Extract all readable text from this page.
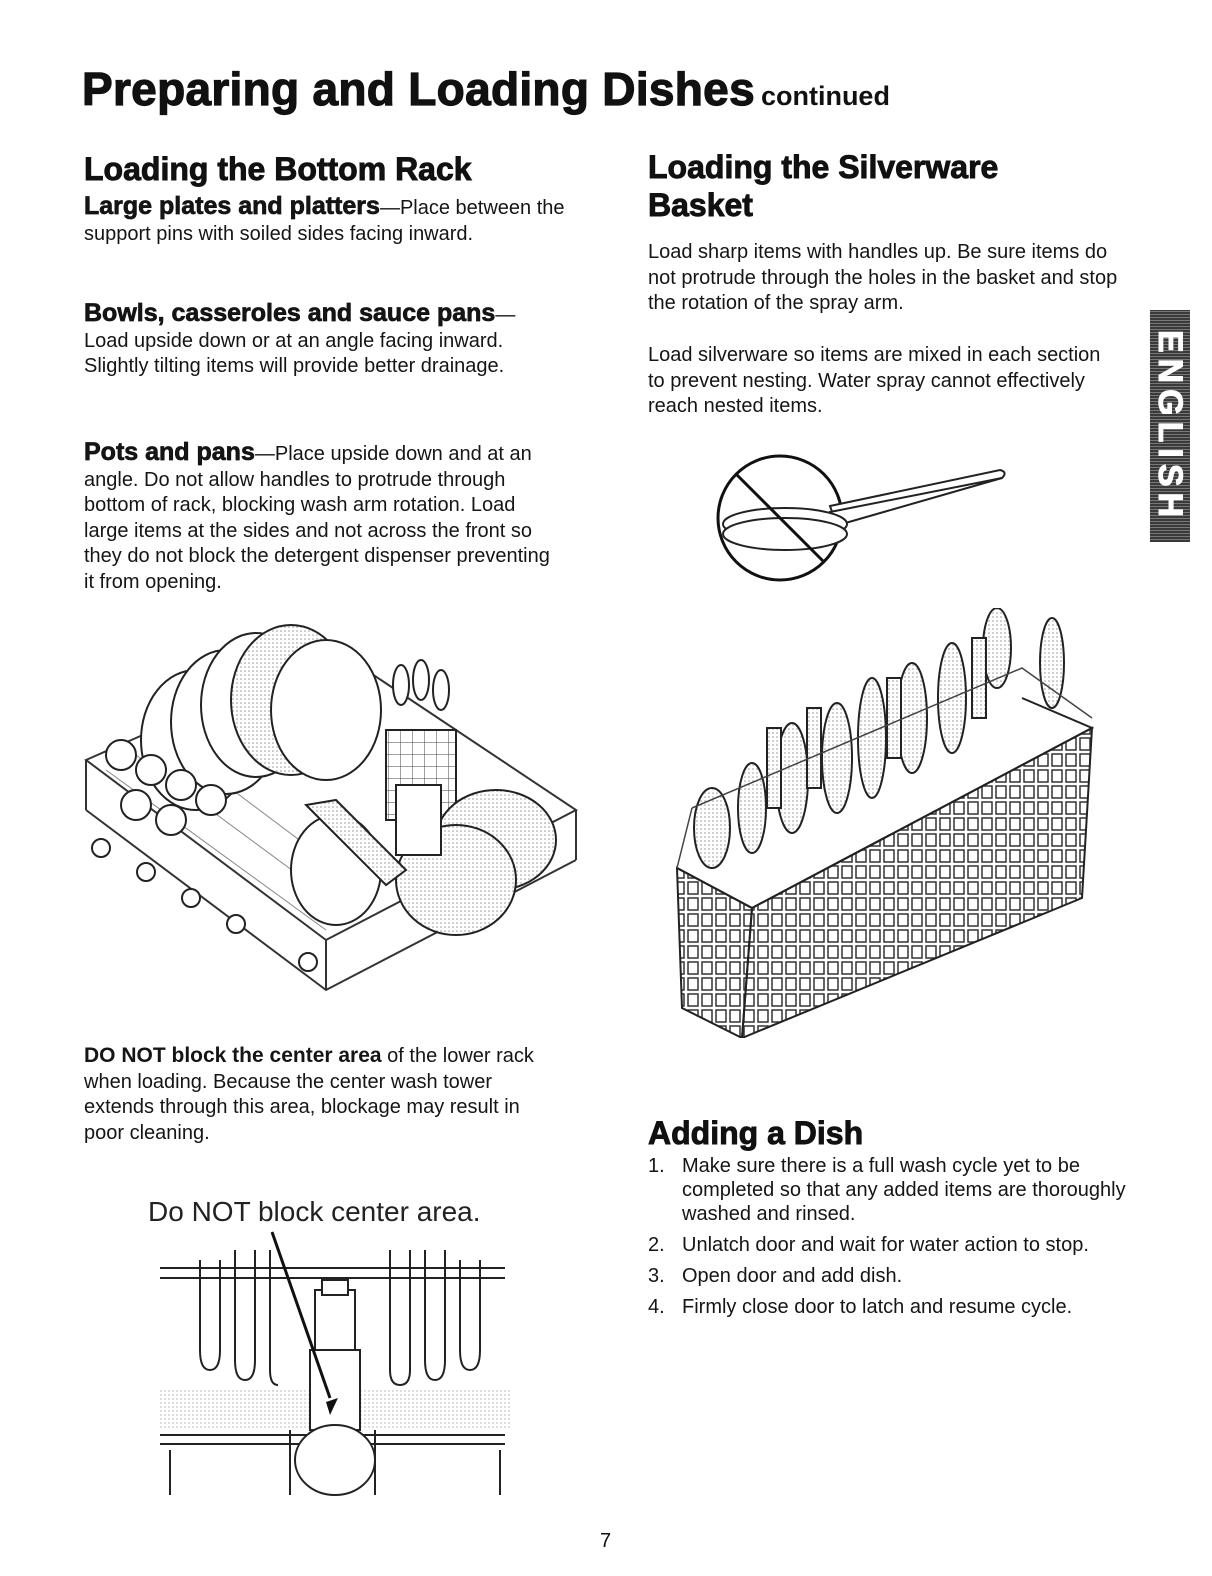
Preparing and Loading Dishes continued
ENGLISH
Loading the Bottom Rack
Large plates and platters—Place between the support pins with soiled sides facing inward.
Bowls, casseroles and sauce pans— Load upside down or at an angle facing inward. Slightly tilting items will provide better drainage.
Pots and pans—Place upside down and at an angle. Do not allow handles to protrude through bottom of rack, blocking wash arm rotation. Load large items at the sides and not across the front so they do not block the detergent dispenser preventing it from opening.
DO NOT block the center area of the lower rack when loading. Because the center wash tower extends through this area, blockage may result in poor cleaning.
Do NOT block center area.
Loading the Silverware Basket
Load sharp items with handles up. Be sure items do not protrude through the holes in the basket and stop the rotation of the spray arm.
Load silverware so items are mixed in each section to prevent nesting. Water spray cannot effectively reach nested items.
Adding a Dish
1. Make sure there is a full wash cycle yet to be completed so that any added items are thoroughly washed and rinsed.
2. Unlatch door and wait for water action to stop.
3. Open door and add dish.
4. Firmly close door to latch and resume cycle.
7
